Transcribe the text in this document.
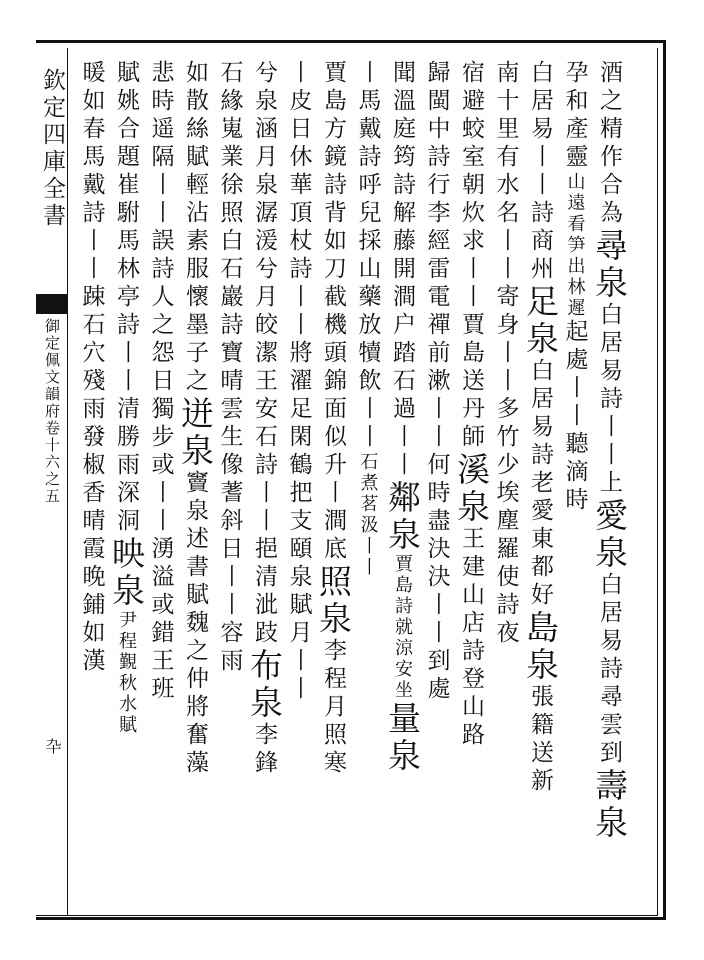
欽定四庫全書
御定佩文韻府卷十六之五
卆
酒之精作合為尋泉白居易詩丨丨上愛泉白居易詩尋雲到壽泉
孕和產靈山遠看笋出林遲起處丨丨聽滴時
白居易丨丨詩商州足泉白居易詩老愛東都好島泉張籍送新
南十里有水名丨丨寄身丨丨多竹少埃塵羅使詩夜
宿避蛟室朝炊求丨丨賈島送丹師溪泉王建山店詩登山路
歸閩中詩行李經雷電禪前漱丨丨何時盡決決丨丨到處
聞溫庭筠詩解藤開澗户踏石過丨丨鄰泉賈島詩就涼安坐量泉
丨馬戴詩呼兒採山藥放犢飲丨丨石煮茗汲丨丨
賈島方鏡詩背如刀截機頭錦面似升丨澗底照泉李程月照寒
丨皮日休華頂杖詩丨丨將濯足閑鶴把支頤泉賦月丨丨
兮泉涵月泉潺湲兮月皎潔王安石詩丨丨挹清泚跂布泉李鋒
石緣嵬業徐照白石巖詩寶晴雲生像蓍斜日丨丨容雨
如散絲賦輕沾素服懷墨子之迸泉竇泉述書賦魏之仲將奮藻
悲時遥隔丨丨誤詩人之怨日獨步或丨丨湧溢或錯王班
賦姚合題崔駙馬林亭詩丨丨清勝雨深洞映泉尹程覲秋水賦
暖如春馬戴詩丨丨踈石穴殘雨發椒香晴霞晚鋪如漢
